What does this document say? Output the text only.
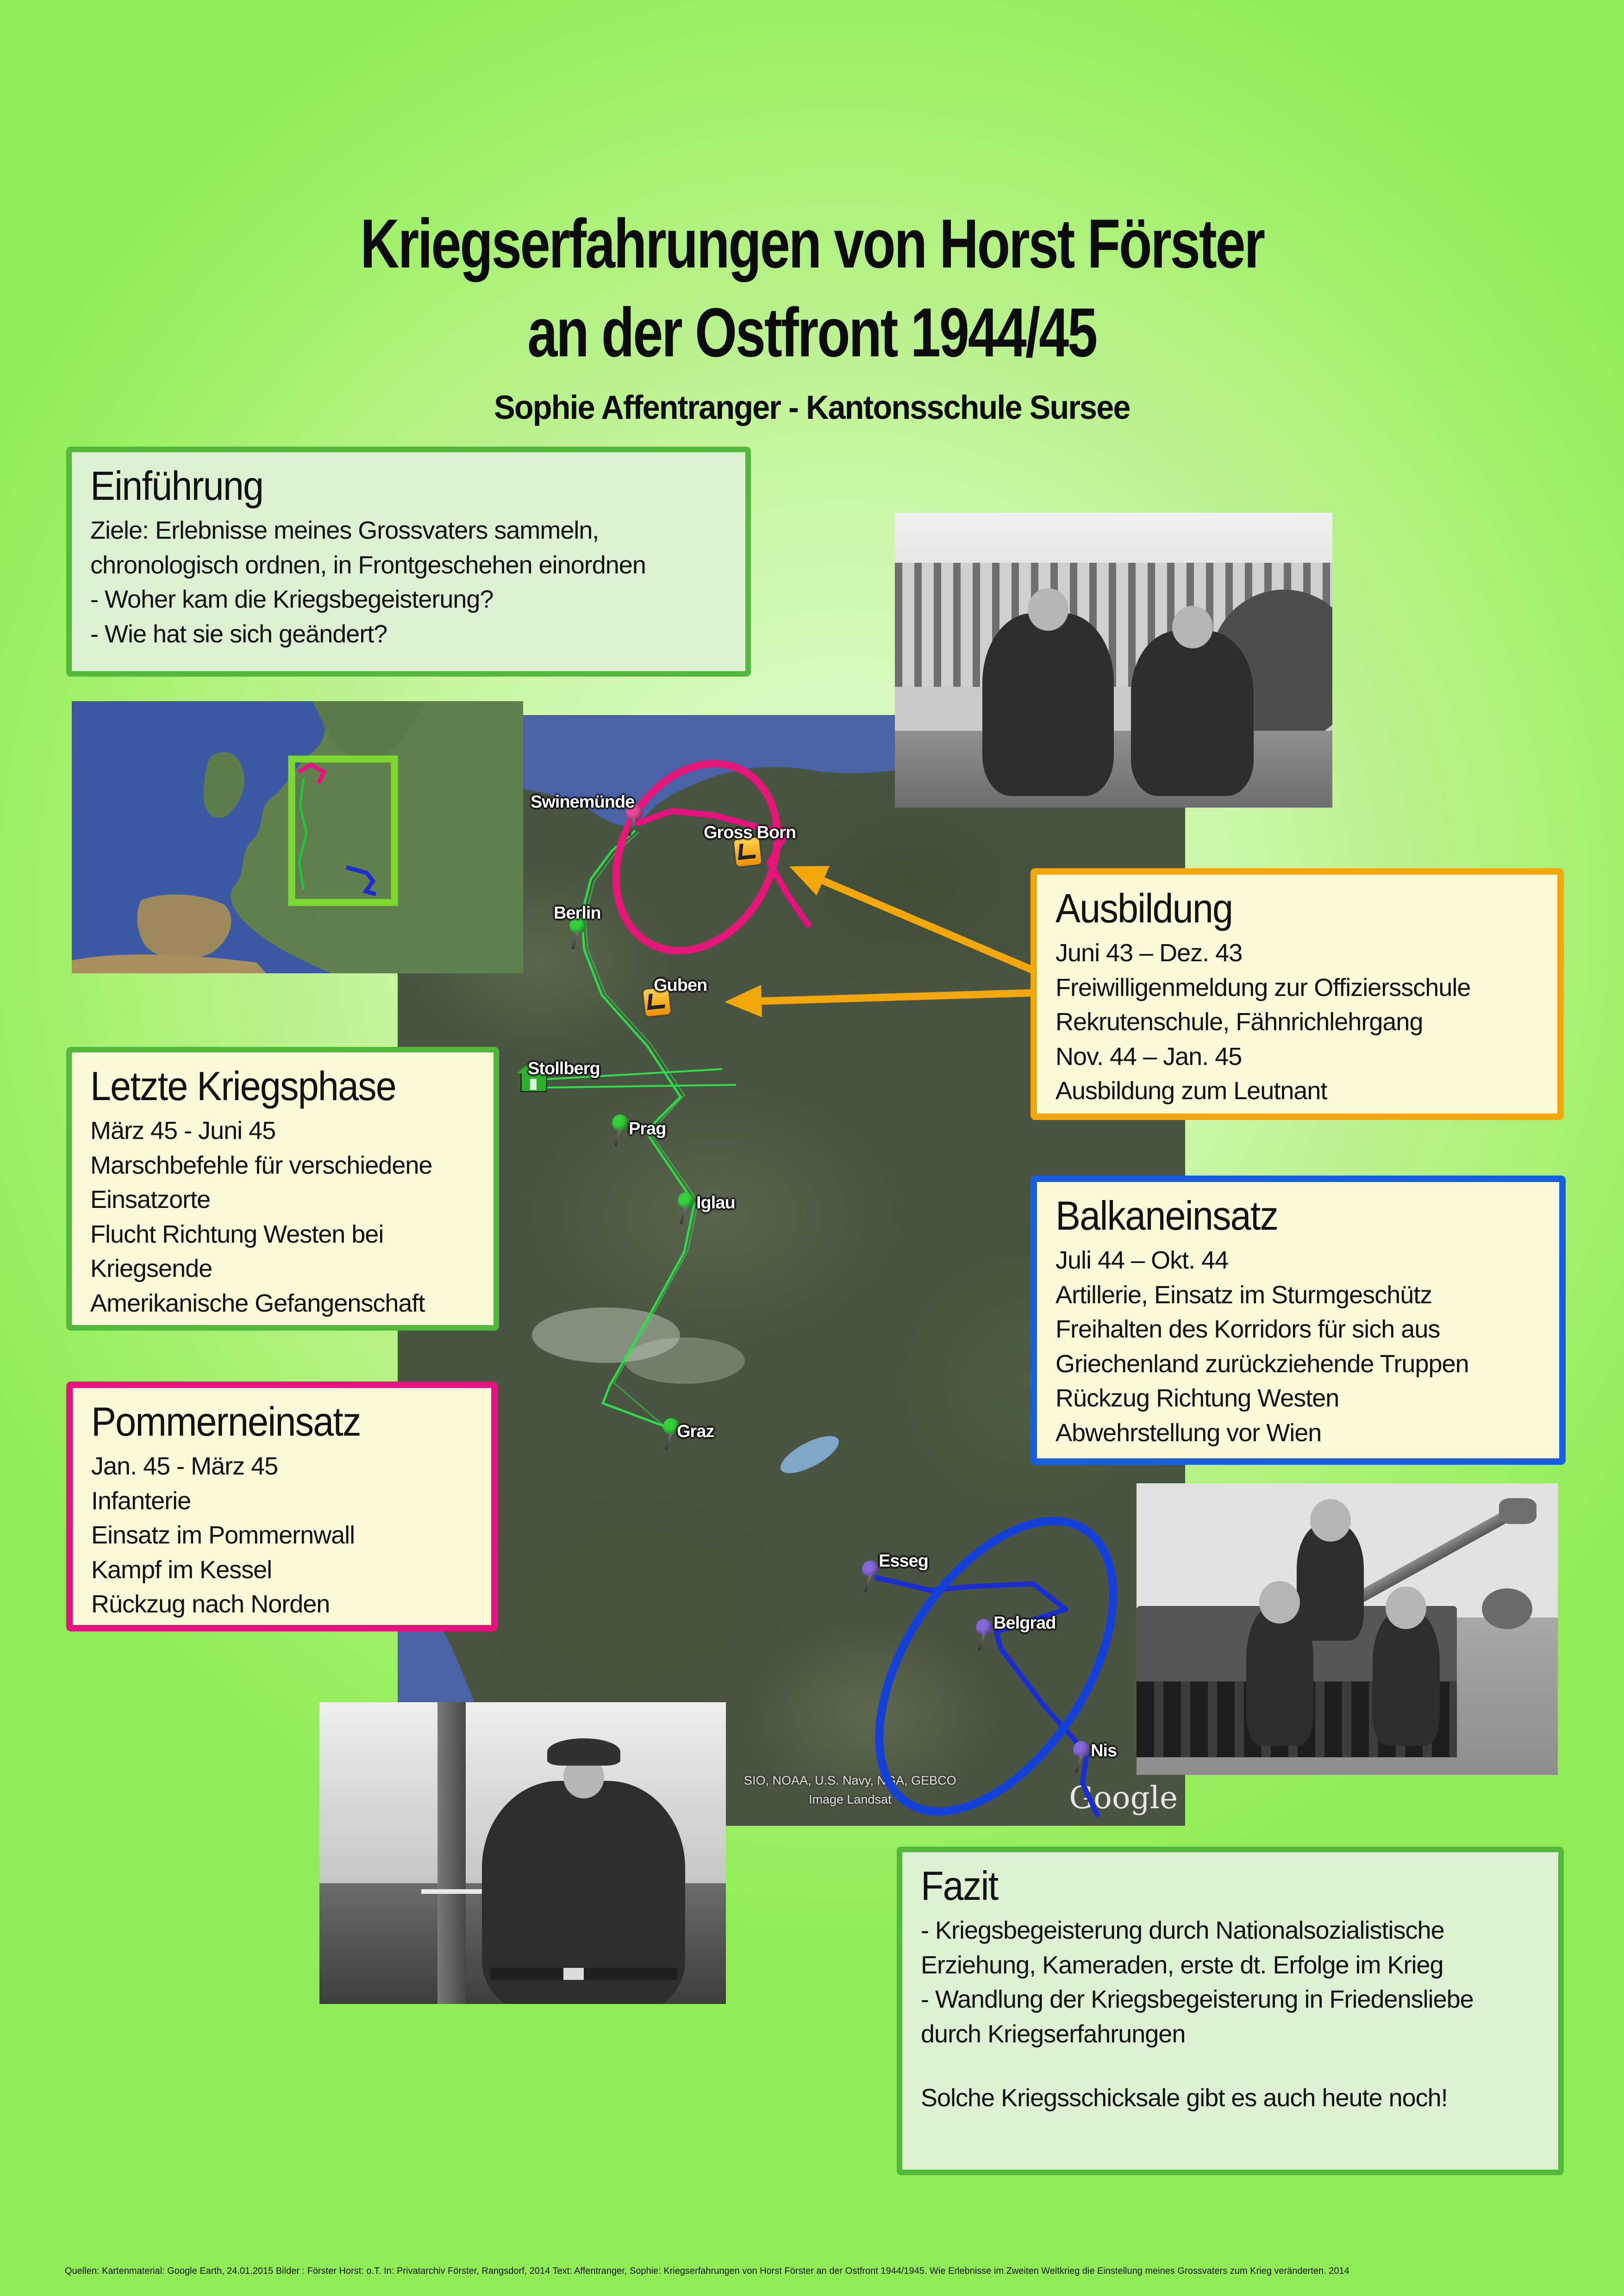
SIO, NOAA, U.S. Navy, NGA, GEBCO
Image Landsat	Google
Swinemünde
Gross Born
Berlin
Guben
Stollberg
Prag
Iglau
Graz
Esseg
Belgrad
Nis
Einführung
Ziele: Erlebnisse meines Grossvaters sammeln,
chronologisch ordnen, in Frontgeschehen einordnen
- Woher kam die Kriegsbegeisterung?
- Wie hat sie sich geändert?
Ausbildung
Juni 43 – Dez. 43
Freiwilligenmeldung zur Offiziersschule
Rekrutenschule, Fähnrichlehrgang
Nov. 44 – Jan. 45
Ausbildung zum Leutnant
Letzte Kriegsphase
März 45 - Juni 45
Marschbefehle für verschiedene
Einsatzorte
Flucht Richtung Westen bei
Kriegsende
Amerikanische Gefangenschaft
Pommerneinsatz
Jan. 45 - März 45
Infanterie
Einsatz im Pommernwall
Kampf im Kessel
Rückzug nach Norden
Balkaneinsatz
Juli 44 – Okt. 44
Artillerie, Einsatz im Sturmgeschütz
Freihalten des Korridors für sich aus
Griechenland zurückziehende Truppen
Rückzug Richtung Westen
Abwehrstellung vor Wien
Fazit
- Kriegsbegeisterung durch Nationalsozialistische
Erziehung, Kameraden, erste dt. Erfolge im Krieg
- Wandlung der Kriegsbegeisterung in Friedensliebe
durch Kriegserfahrungen
Solche Kriegsschicksale gibt es auch heute noch!
Kriegserfahrungen von Horst Förster
an der Ostfront 1944/45
Sophie Affentranger - Kantonsschule Sursee
Quellen: Kartenmaterial: Google Earth, 24.01.2015 Bilder : Förster Horst: o.T. In: Privatarchiv Förster, Rangsdorf, 2014 Text: Affentranger, Sophie: Kriegserfahrungen von Horst Förster an der Ostfront 1944/1945. Wie Erlebnisse im Zweiten Weltkrieg die Einstellung meines Grossvaters zum Krieg veränderten. 2014
